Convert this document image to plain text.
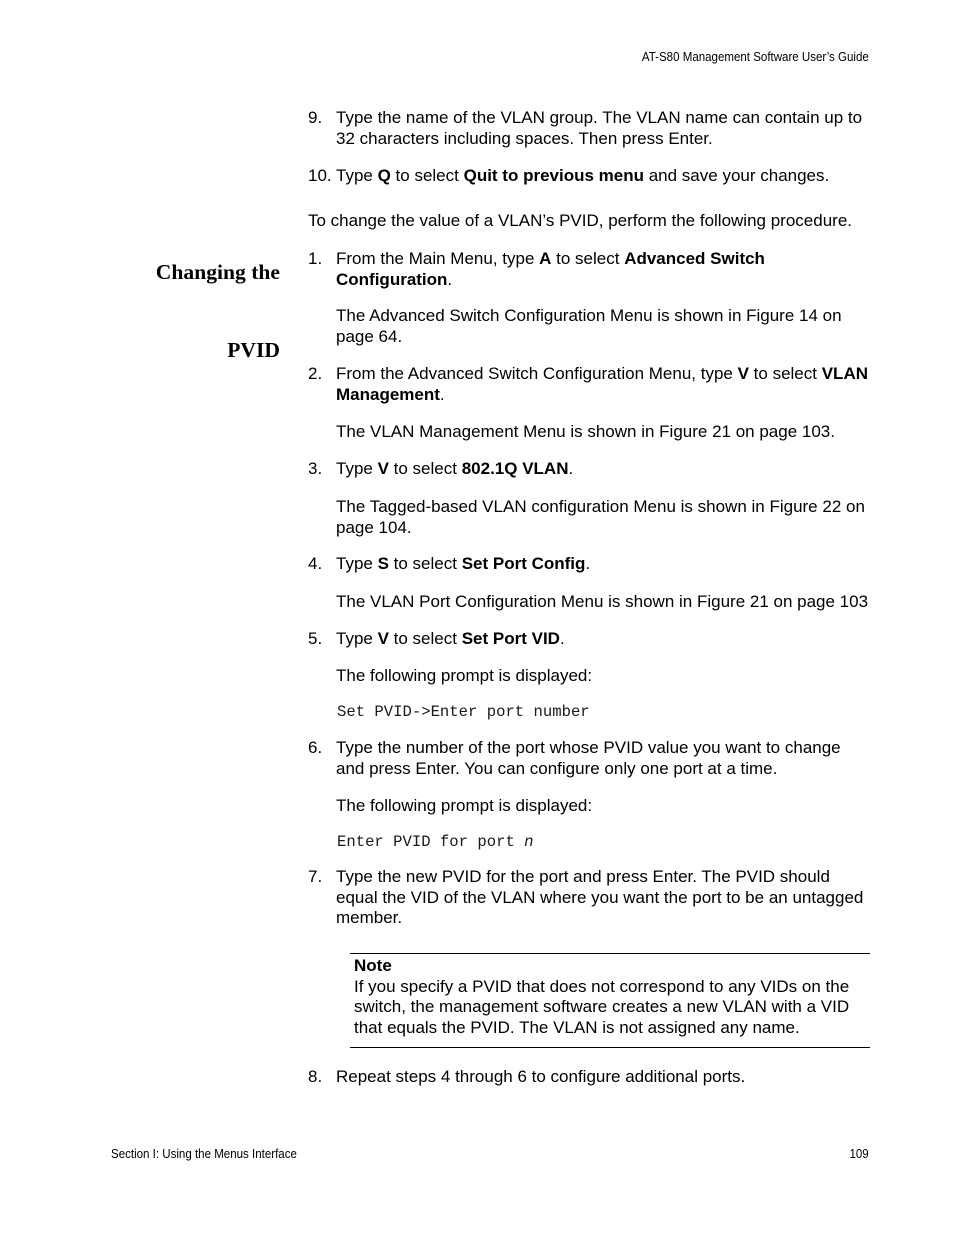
AT-S80 Management Software User’s Guide
9. Type the name of the VLAN group. The VLAN name can contain up to
32 characters including spaces. Then press Enter.
10. Type Q to select Quit to previous menu and save your changes.

Changing the

PVID

To change the value of a VLAN’s PVID, perform the following procedure.
1. From the Main Menu, type A to select Advanced Switch
Configuration.
The Advanced Switch Configuration Menu is shown in Figure 14 on
page 64.
2. From the Advanced Switch Configuration Menu, type V to select VLAN
Management.
The VLAN Management Menu is shown in Figure 21 on page 103.
3. Type V to select 802.1Q VLAN.
The Tagged-based VLAN configuration Menu is shown in Figure 22 on
page 104.
4. Type S to select Set Port Config.
The VLAN Port Configuration Menu is shown in Figure 21 on page 103
5. Type V to select Set Port VID.
The following prompt is displayed:
Set PVID->Enter port number
6. Type the number of the port whose PVID value you want to change
and press Enter. You can configure only one port at a time.
The following prompt is displayed:
Enter PVID for port n
7. Type the new PVID for the port and press Enter. The PVID should
equal the VID of the VLAN where you want the port to be an untagged
member.
Note
If you specify a PVID that does not correspond to any VIDs on the
switch, the management software creates a new VLAN with a VID
that equals the PVID. The VLAN is not assigned any name.
8. Repeat steps 4 through 6 to configure additional ports.
Section I: Using the Menus Interface	109
